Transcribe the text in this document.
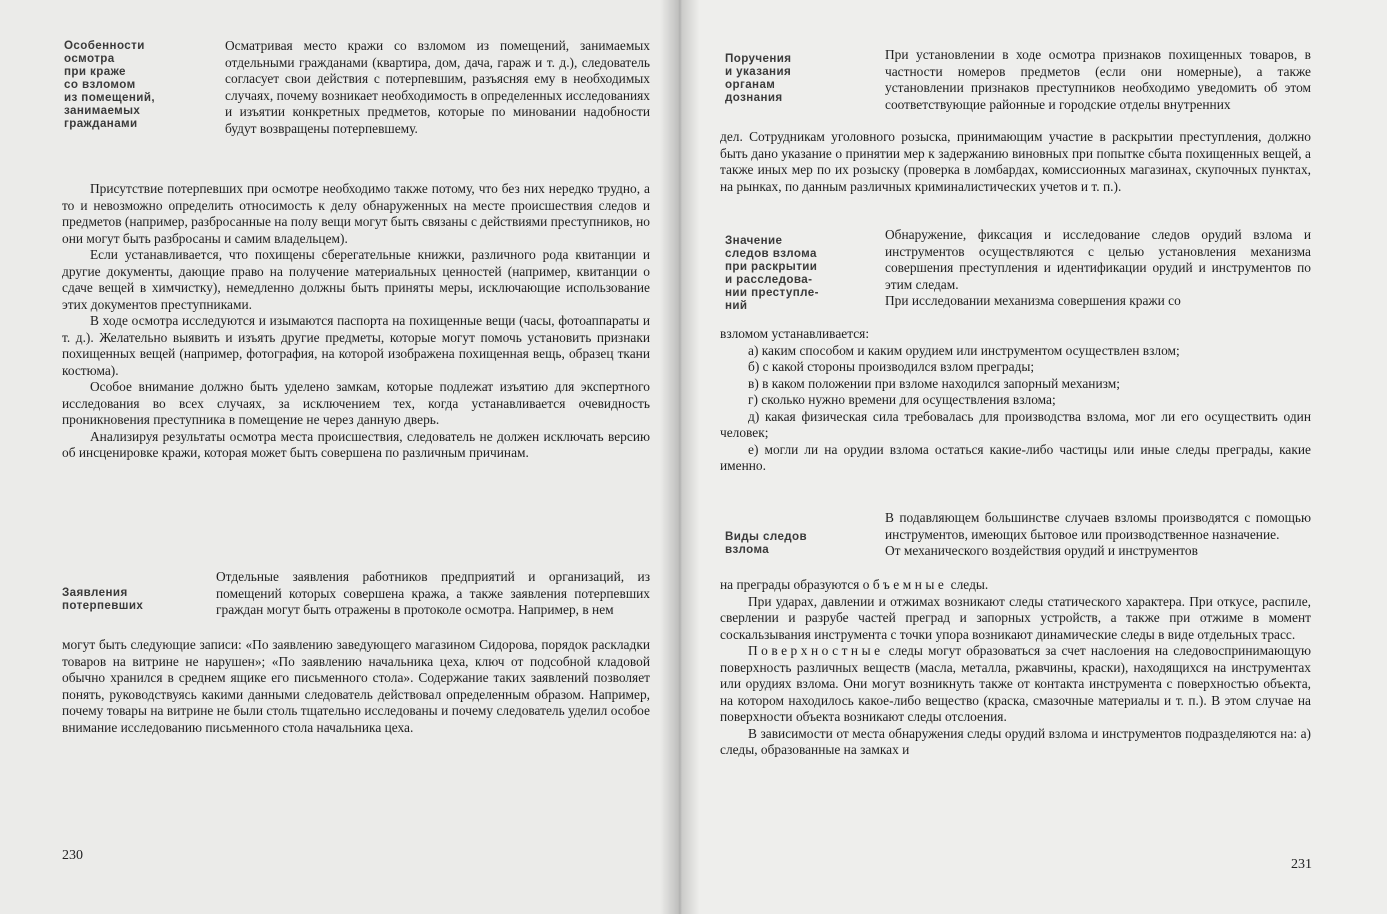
Особенности
осмотра
при краже
со взломом
из помещений,
занимаемых
гражданами

Осматривая место кражи со взломом из помещений, занимаемых отдельными гражданами (квартира, дом, дача, гараж и т. д.), следователь согласует свои действия с потерпевшим, разъясняя ему в необходимых случаях, почему возникает необходимость в определенных исследованиях и изъятии конкретных предметов, которые по миновании надобности будут возвращены потерпевшему.

Присутствие потерпевших при осмотре необходимо также потому, что без них нередко трудно, а то и невозможно определить относимость к делу обнаруженных на месте происшествия следов и предметов (например, разбросанные на полу вещи могут быть связаны с действиями преступников, но они могут быть разбросаны и самим владельцем).

Если устанавливается, что похищены сберегательные книжки, различного рода квитанции и другие документы, дающие право на получение материальных ценностей (например, квитанции о сдаче вещей в химчистку), немедленно должны быть приняты меры, исключающие использование этих документов преступниками.

В ходе осмотра исследуются и изымаются паспорта на похищенные вещи (часы, фотоаппараты и т. д.). Желательно выявить и изъять другие предметы, которые могут помочь установить признаки похищенных вещей (например, фотография, на которой изображена похищенная вещь, образец ткани костюма).

Особое внимание должно быть уделено замкам, которые подлежат изъятию для экспертного исследования во всех случаях, за исключением тех, когда устанавливается очевидность проникновения преступника в помещение не через данную дверь.

Анализируя результаты осмотра места происшествия, следователь не должен исключать версию об инсценировке кражи, которая может быть совершена по различным причинам.

Заявления
потерпевших

Отдельные заявления работников предприятий и организаций, из помещений которых совершена кража, а также заявления потерпевших граждан могут быть отражены в протоколе осмотра. Например, в нем

могут быть следующие записи: «По заявлению заведующего магазином Сидорова, порядок раскладки товаров на витрине не нарушен»; «По заявлению начальника цеха, ключ от подсобной кладовой обычно хранился в среднем ящике его письменного стола». Содержание таких заявлений позволяет понять, руководствуясь какими данными следователь действовал определенным образом. Например, почему товары на витрине не были столь тщательно исследованы и почему следователь уделил особое внимание исследованию письменного стола начальника цеха.

230
Поручения
и указания
органам
дознания

При установлении в ходе осмотра признаков похищенных товаров, в частности номеров предметов (если они номерные), а также установлении признаков преступников необходимо уведомить об этом соответствующие районные и городские отделы внутренних

дел. Сотрудникам уголовного розыска, принимающим участие в раскрытии преступления, должно быть дано указание о принятии мер к задержанию виновных при попытке сбыта похищенных вещей, а также иных мер по их розыску (проверка в ломбардах, комиссионных магазинах, скупочных пунктах, на рынках, по данным различных криминалистических учетов и т. п.).

Значение
следов взлома
при раскрытии
и расследова-
нии преступле-
ний

Обнаружение, фиксация и исследование следов орудий взлома и инструментов осуществляются с целью установления механизма совершения преступления и идентификации орудий и инструментов по этим следам.

При исследовании механизма совершения кражи со

взломом устанавливается:

а) каким способом и каким орудием или инструментом осуществлен взлом;

б) с какой стороны производился взлом преграды;

в) в каком положении при взломе находился запорный механизм;

г) сколько нужно времени для осуществления взлома;

д) какая физическая сила требовалась для производства взлома, мог ли его осуществить один человек;

е) могли ли на орудии взлома остаться какие-либо частицы или иные следы преграды, какие именно.

Виды следов
взлома

В подавляющем большинстве случаев взломы производятся с помощью инструментов, имеющих бытовое или производственное назначение.

От механического воздействия орудий и инструментов

на преграды образуются объемные следы.

При ударах, давлении и отжимах возникают следы статического характера. При откусе, распиле, сверлении и разрубе частей преград и запорных устройств, а также при отжиме в момент соскальзывания инструмента с точки упора возникают динамические следы в виде отдельных трасс.

Поверхностные следы могут образоваться за счет наслоения на следовоспринимающую поверхность различных веществ (масла, металла, ржавчины, краски), находящихся на инструментах или орудиях взлома. Они могут возникнуть также от контакта инструмента с поверхностью объекта, на котором находилось какое-либо вещество (краска, смазочные материалы и т. п.). В этом случае на поверхности объекта возникают следы отслоения.

В зависимости от места обнаружения следы орудий взлома и инструментов подразделяются на: а) следы, образованные на замках и

231
